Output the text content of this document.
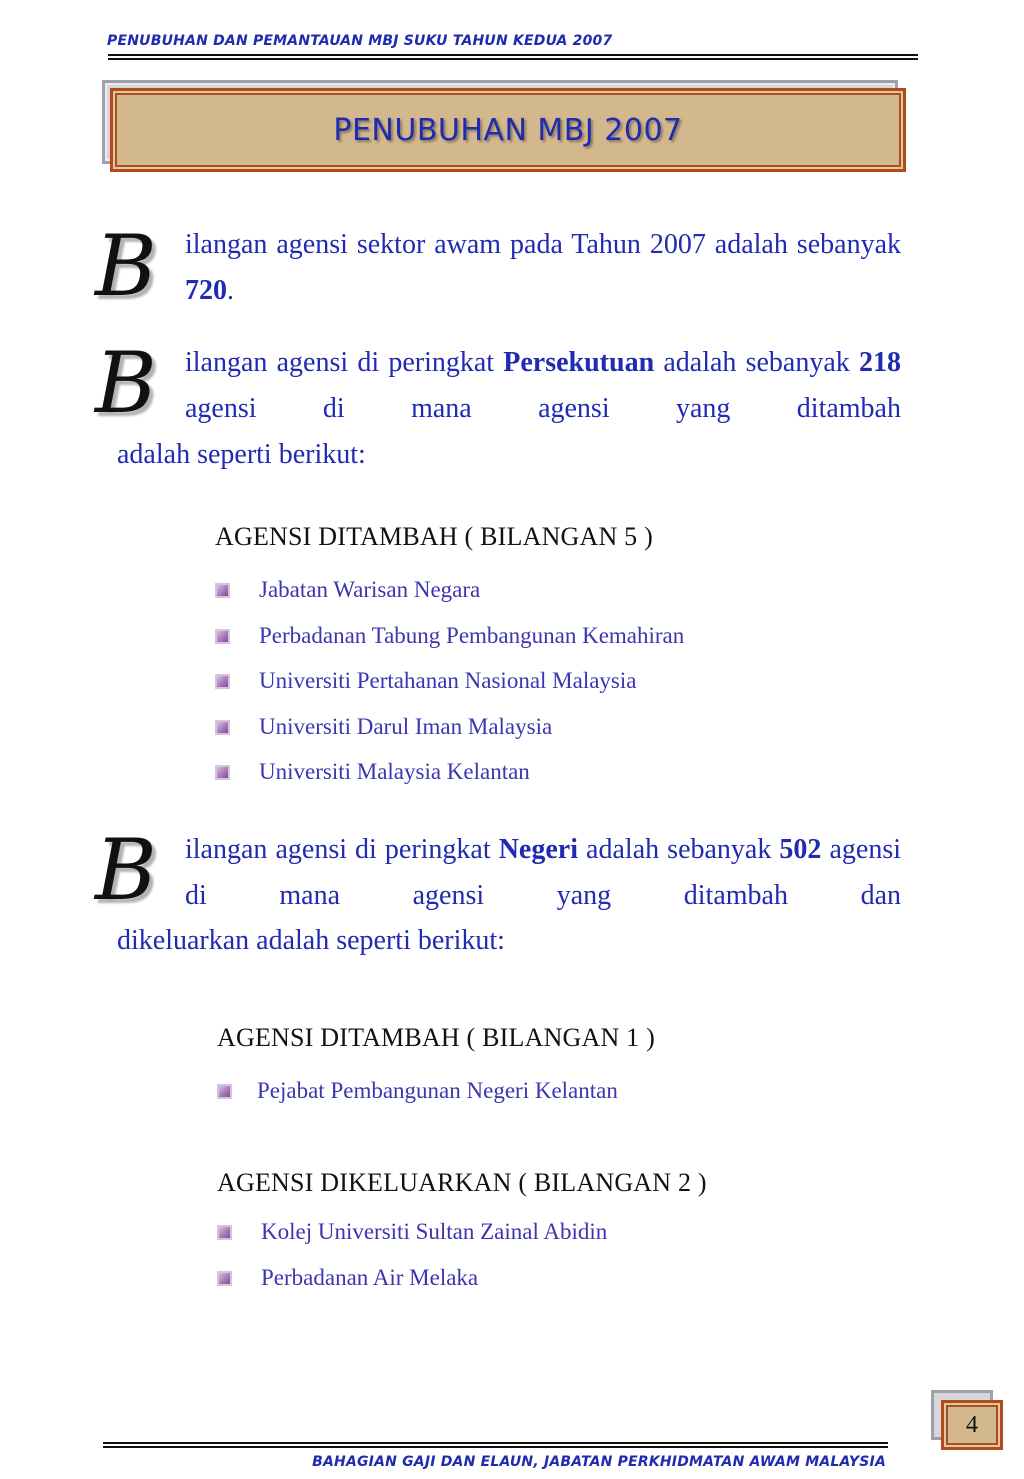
PENUBUHAN DAN PEMANTAUAN MBJ SUKU TAHUN KEDUA 2007
PENUBUHAN MBJ 2007
B ilangan agensi sektor awam pada Tahun 2007 adalah sebanyak 720.
B ilangan agensi di peringkat Persekutuan adalah sebanyak 218 agensi di mana agensi yang ditambah
adalah seperti berikut:
AGENSI DITAMBAH ( BILANGAN 5 )
Jabatan Warisan Negara
Perbadanan Tabung Pembangunan Kemahiran
Universiti Pertahanan Nasional Malaysia
Universiti Darul Iman Malaysia
Universiti Malaysia Kelantan
B ilangan agensi di peringkat Negeri adalah sebanyak 502 agensi di mana agensi yang ditambah dan
dikeluarkan adalah seperti berikut:
AGENSI DITAMBAH ( BILANGAN 1 )
Pejabat Pembangunan Negeri Kelantan
AGENSI DIKELUARKAN ( BILANGAN 2 )
Kolej Universiti Sultan Zainal Abidin
Perbadanan Air Melaka
4
BAHAGIAN GAJI DAN ELAUN, JABATAN PERKHIDMATAN AWAM MALAYSIA
